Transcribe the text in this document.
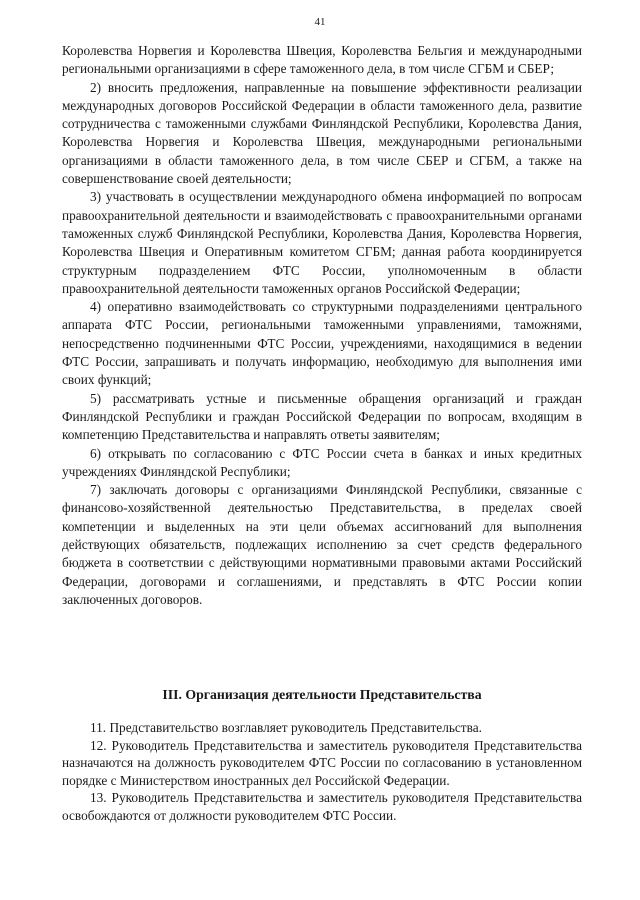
41

Королевства Норвегия и Королевства Швеция, Королевства Бельгия и международными региональными организациями в сфере таможенного дела, в том числе СГБМ и СБЕР;

2) вносить предложения, направленные на повышение эффективности реализации международных договоров Российской Федерации в области таможенного дела, развитие сотрудничества с таможенными службами Финляндской Республики, Королевства Дания, Королевства Норвегия и Королевства Швеция, международными региональными организациями в области таможенного дела, в том числе СБЕР и СГБМ, а также на совершенствование своей деятельности;

3) участвовать в осуществлении международного обмена информацией по вопросам правоохранительной деятельности и взаимодействовать с правоохранительными органами таможенных служб Финляндской Республики, Королевства Дания, Королевства Норвегия, Королевства Швеция и Оперативным комитетом СГБМ; данная работа координируется структурным подразделением ФТС России, уполномоченным в области правоохранительной деятельности таможенных органов Российской Федерации;

4) оперативно взаимодействовать со структурными подразделениями центрального аппарата ФТС России, региональными таможенными управлениями, таможнями, непосредственно подчиненными ФТС России, учреждениями, находящимися в ведении ФТС России, запрашивать и получать информацию, необходимую для выполнения ими своих функций;

5) рассматривать устные и письменные обращения организаций и граждан Финляндской Республики и граждан Российской Федерации по вопросам, входящим в компетенцию Представительства и направлять ответы заявителям;

6) открывать по согласованию с ФТС России счета в банках и иных кредитных учреждениях Финляндской Республики;

7) заключать договоры с организациями Финляндской Республики, связанные с финансово-хозяйственной деятельностью Представительства, в пределах своей компетенции и выделенных на эти цели объемах ассигнований для выполнения действующих обязательств, подлежащих исполнению за счет средств федерального бюджета в соответствии с действующими нормативными правовыми актами Российский Федерации, договорами и соглашениями, и представлять в ФТС России копии заключенных договоров.

III. Организация деятельности Представительства

11. Представительство возглавляет руководитель Представительства.

12. Руководитель Представительства и заместитель руководителя Представительства назначаются на должность руководителем ФТС России по согласованию в установленном порядке с Министерством иностранных дел Российской Федерации.

13. Руководитель Представительства и заместитель руководителя Представительства освобождаются от должности руководителем ФТС России.
